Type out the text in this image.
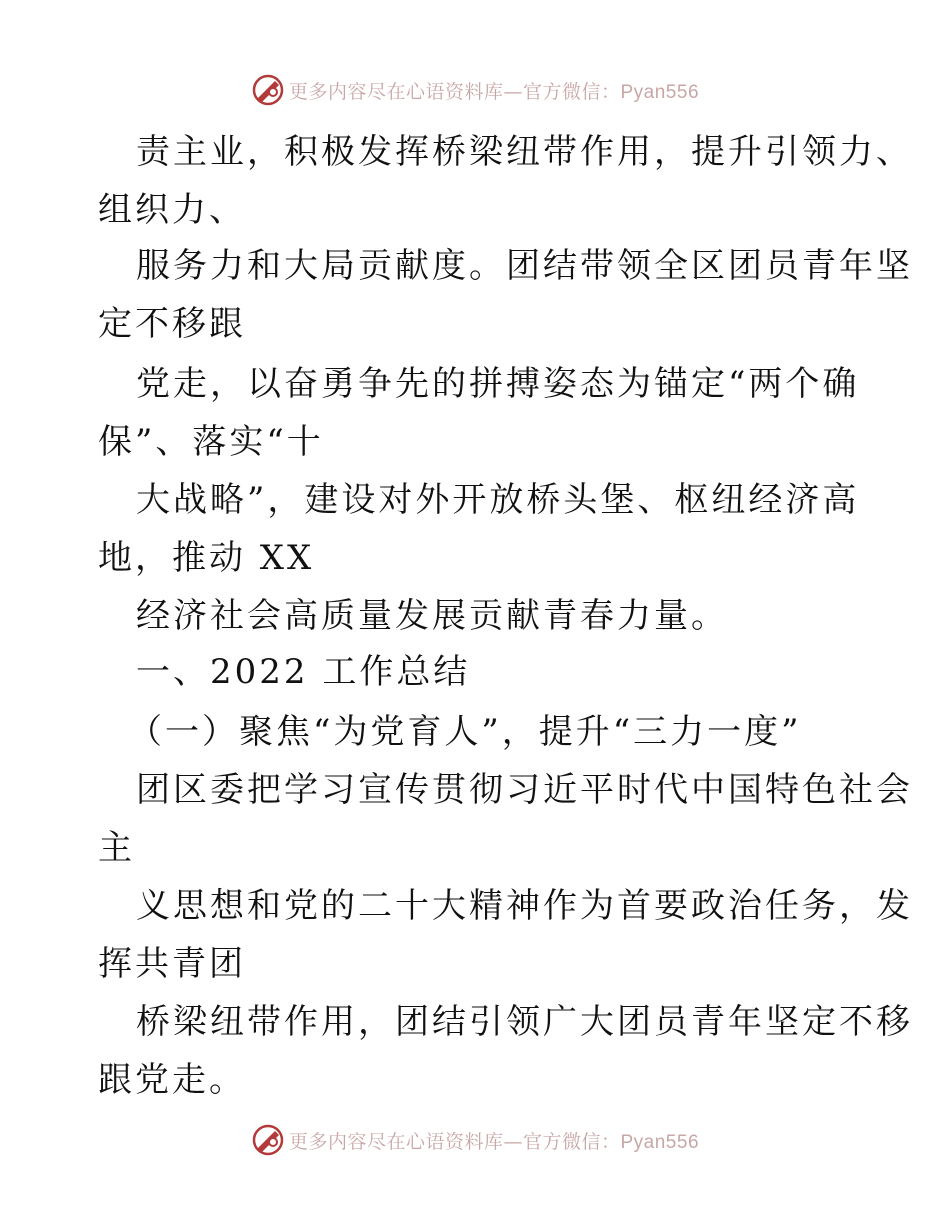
更多内容尽在心语资料库—官方微信：Pyan556
责主业，积极发挥桥梁纽带作用，提升引领力、
组织力、
服务力和大局贡献度。团结带领全区团员青年坚
定不移跟
党走，以奋勇争先的拼搏姿态为锚定“两个确
保”、落实“十
大战略”，建设对外开放桥头堡、枢纽经济高
地，推动 XX
经济社会高质量发展贡献青春力量。
一、2022 工作总结
（一）聚焦“为党育人”，提升“三力一度”
团区委把学习宣传贯彻习近平时代中国特色社会
主
义思想和党的二十大精神作为首要政治任务，发
挥共青团
桥梁纽带作用，团结引领广大团员青年坚定不移
跟党走。
更多内容尽在心语资料库—官方微信：Pyan556
